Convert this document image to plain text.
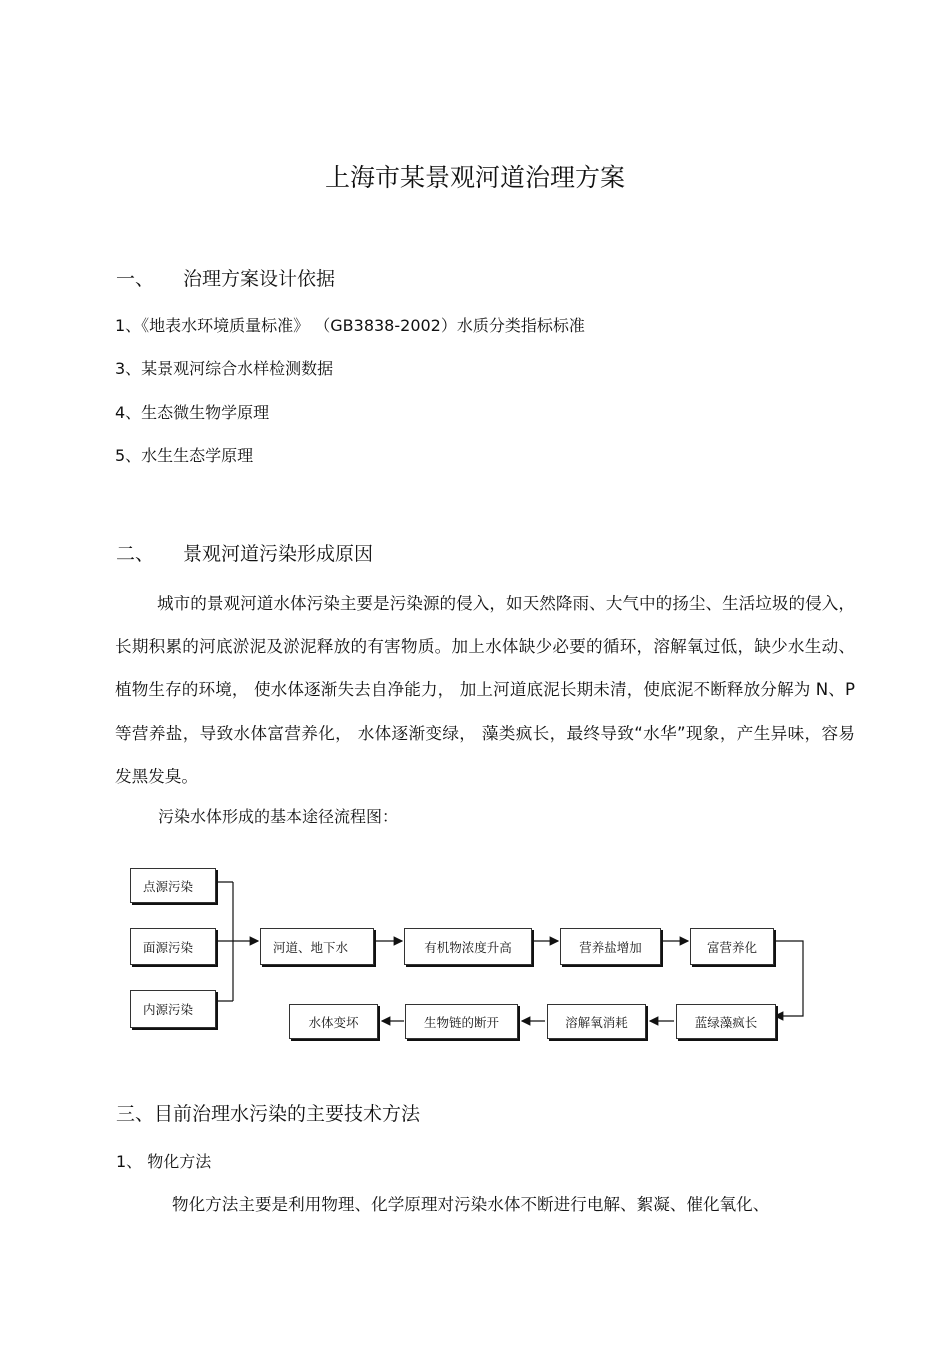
上海市某景观河道治理方案
一、 治理方案设计依据
1、《地表水环境质量标准》 （GB3838-2002）水质分类指标标准
3、某景观河综合水样检测数据
4、生态微生物学原理
5、水生生态学原理
二、 景观河道污染形成原因
城市的景观河道水体污染主要是污染源的侵入，如天然降雨、大气中的扬尘、生活垃圾的侵入，长期积累的河底淤泥及淤泥释放的有害物质。加上水体缺少必要的循环，溶解氧过低，缺少水生动、 植物生存的环境， 使水体逐渐失去自净能力， 加上河道底泥长期未清，使底泥不断释放分解为 N、P等营养盐，导致水体富营养化， 水体逐渐变绿， 藻类疯长，最终导致“水华”现象，产生异味，容易发黑发臭。
污染水体形成的基本途径流程图：
点源污染
面源污染
内源污染
河道、地下水	有机物浓度升高	营养盐增加	富营养化
蓝绿藻疯长
溶解氧消耗
生物链的断开
水体变坏
三、目前治理水污染的主要技术方法
1、 物化方法
物化方法主要是利用物理、化学原理对污染水体不断进行电解、絮凝、催化氧化、
